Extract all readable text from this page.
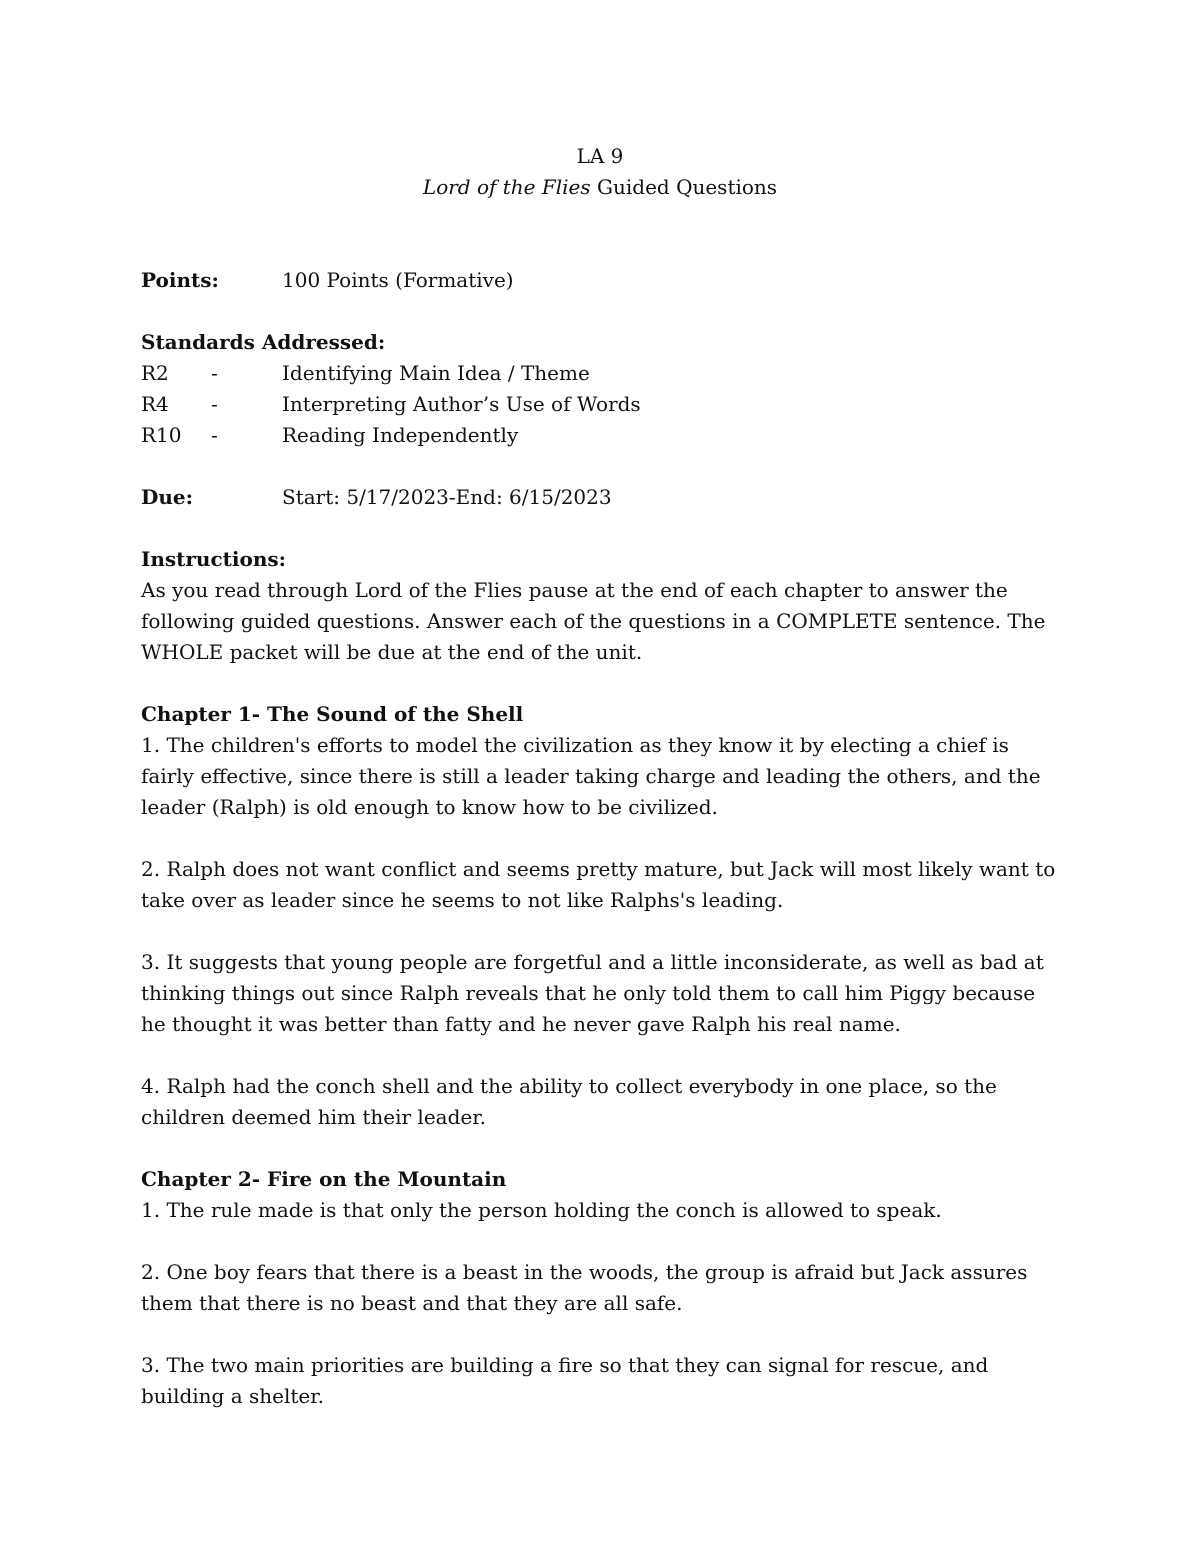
LA 9

Lord of the Flies Guided Questions

Points:	100 Points (Formative)

Standards Addressed:

R2	-	Identifying Main Idea / Theme
R4	-	Interpreting Author’s Use of Words
R10	-	Reading Independently
Due:	Start: 5/17/2023-End: 6/15/2023

Instructions:

As you read through Lord of the Flies pause at the end of each chapter to answer the following guided questions. Answer each of the questions in a COMPLETE sentence. The WHOLE packet will be due at the end of the unit.

Chapter 1- The Sound of the Shell

1. The children's efforts to model the civilization as they know it by electing a chief is fairly effective, since there is still a leader taking charge and leading the others, and the leader (Ralph) is old enough to know how to be civilized.

2. Ralph does not want conflict and seems pretty mature, but Jack will most likely want to take over as leader since he seems to not like Ralphs's leading.

3. It suggests that young people are forgetful and a little inconsiderate, as well as bad at thinking things out since Ralph reveals that he only told them to call him Piggy because he thought it was better than fatty and he never gave Ralph his real name.

4. Ralph had the conch shell and the ability to collect everybody in one place, so the children deemed him their leader.

Chapter 2- Fire on the Mountain

1. The rule made is that only the person holding the conch is allowed to speak.

2. One boy fears that there is a beast in the woods, the group is afraid but Jack assures them that there is no beast and that they are all safe.

3. The two main priorities are building a fire so that they can signal for rescue, and building a shelter.
